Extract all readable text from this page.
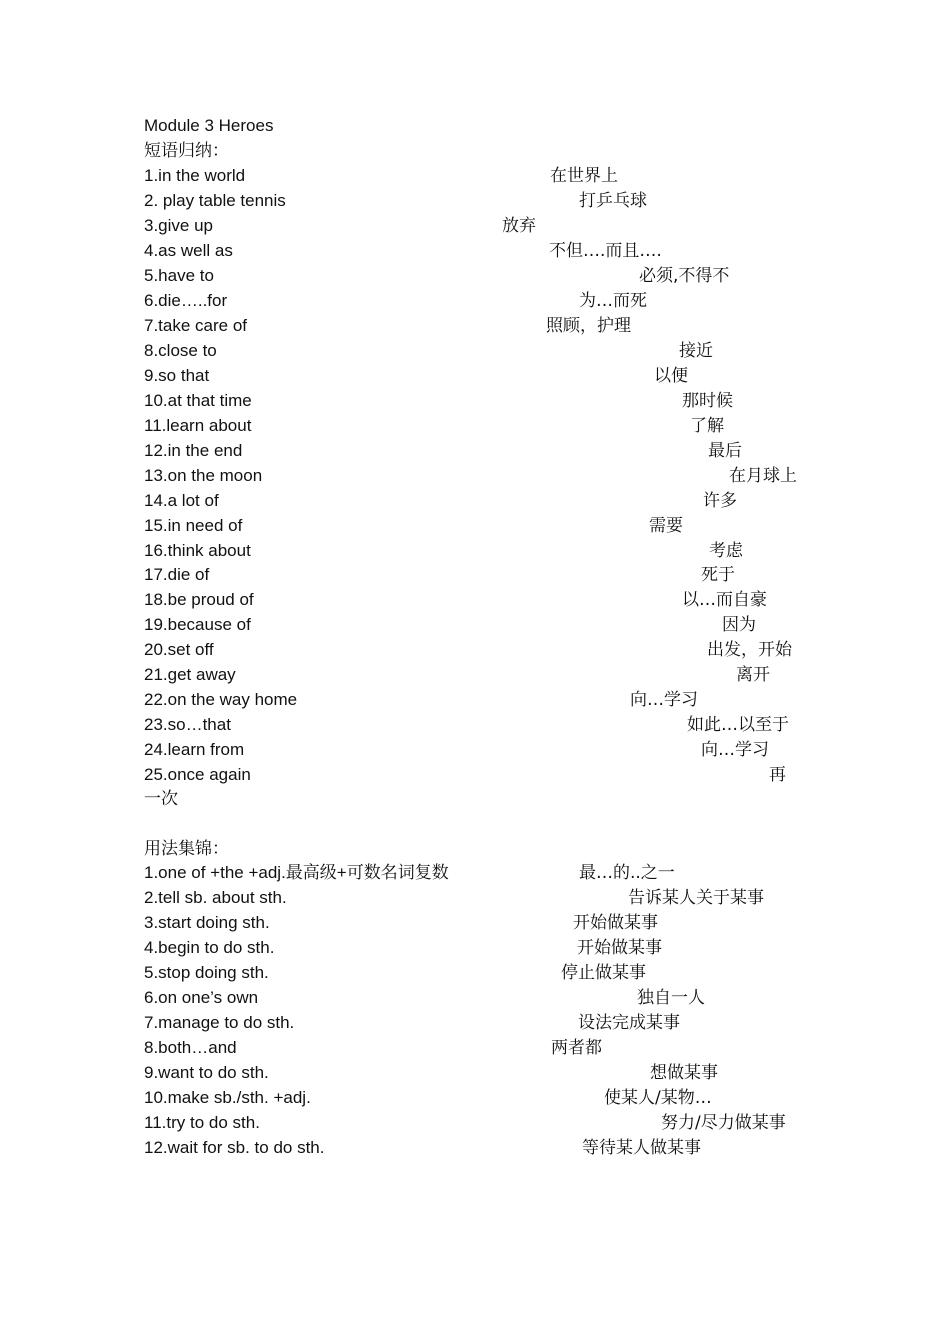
Module 3 Heroes
短语归纳：
1.in the world	在世界上
2. play table tennis	打乒乓球
3.give up	放弃
4.as well as	不但….而且….
5.have to	必须,不得不
6.die…..for	为…而死
7.take care of	照顾，护理
8.close to	接近
9.so that	以便
10.at that time	那时候
11.learn about	了解
12.in the end	最后
13.on the moon	在月球上
14.a lot of	许多
15.in need of	需要
16.think about	考虑
17.die of	死于
18.be proud of	以…而自豪
19.because of	因为
20.set off	出发，开始
21.get away	离开
22.on the way home	向…学习
23.so…that	如此…以至于
24.learn from	向…学习
25.once again	再
一次
用法集锦：
1.one of +the +adj.最高级+可数名词复数	最…的..之一
2.tell sb. about sth.	告诉某人关于某事
3.start doing sth.	开始做某事
4.begin to do sth.	开始做某事
5.stop doing sth.	停止做某事
6.on one’s own	独自一人
7.manage to do sth.	设法完成某事
8.both…and	两者都
9.want to do sth.	想做某事
10.make sb./sth. +adj.	使某人/某物…
11.try to do sth.	努力/尽力做某事
12.wait for sb. to do sth.	等待某人做某事
